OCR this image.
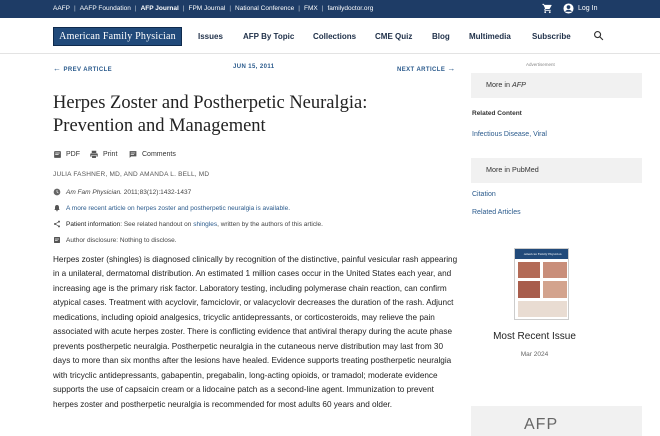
AAFP | AAFP Foundation | AFP Journal | FPM Journal | National Conference | FMX | familydoctor.org	Log In
American Family Physician	Issues	AFP By Topic Collections CME Quiz Blog Multimedia	Subscribe
← PREV ARTICLE	JUN 15, 2011	NEXT ARTICLE →
Herpes Zoster and Postherpetic Neuralgia: Prevention and Management
PDF	Print	Comments
JULIA FASHNER, MD, AND AMANDA L. BELL, MD
Am Fam Physician. 2011;83(12):1432-1437
A more recent article on herpes zoster and postherpetic neuralgia is available.
Patient information: See related handout on shingles, written by the authors of this article.
Author disclosure: Nothing to disclose.

Herpes zoster (shingles) is diagnosed clinically by recognition of the distinctive, painful vesicular rash appearing in a unilateral, dermatomal distribution. An estimated 1 million cases occur in the United States each year, and increasing age is the primary risk factor. Laboratory testing, including polymerase chain reaction, can confirm atypical cases. Treatment with acyclovir, famciclovir, or valacyclovir decreases the duration of the rash. Adjunct medications, including opioid analgesics, tricyclic antidepressants, or corticosteroids, may relieve the pain associated with acute herpes zoster. There is conflicting evidence that antiviral therapy during the acute phase prevents postherpetic neuralgia. Postherpetic neuralgia in the cutaneous nerve distribution may last from 30 days to more than six months after the lesions have healed. Evidence supports treating postherpetic neuralgia with tricyclic antidepressants, gabapentin, pregabalin, long-acting opioids, or tramadol; moderate evidence supports the use of capsaicin cream or a lidocaine patch as a second-line agent. Immunization to prevent herpes zoster and postherpetic neuralgia is recommended for most adults 60 years and older.

Advertisement
More in AFP
Related Content
Infectious Disease, Viral
More in PubMed
Citation
Related Articles
American Family Physician
Most Recent Issue
Mar 2024
AFP
